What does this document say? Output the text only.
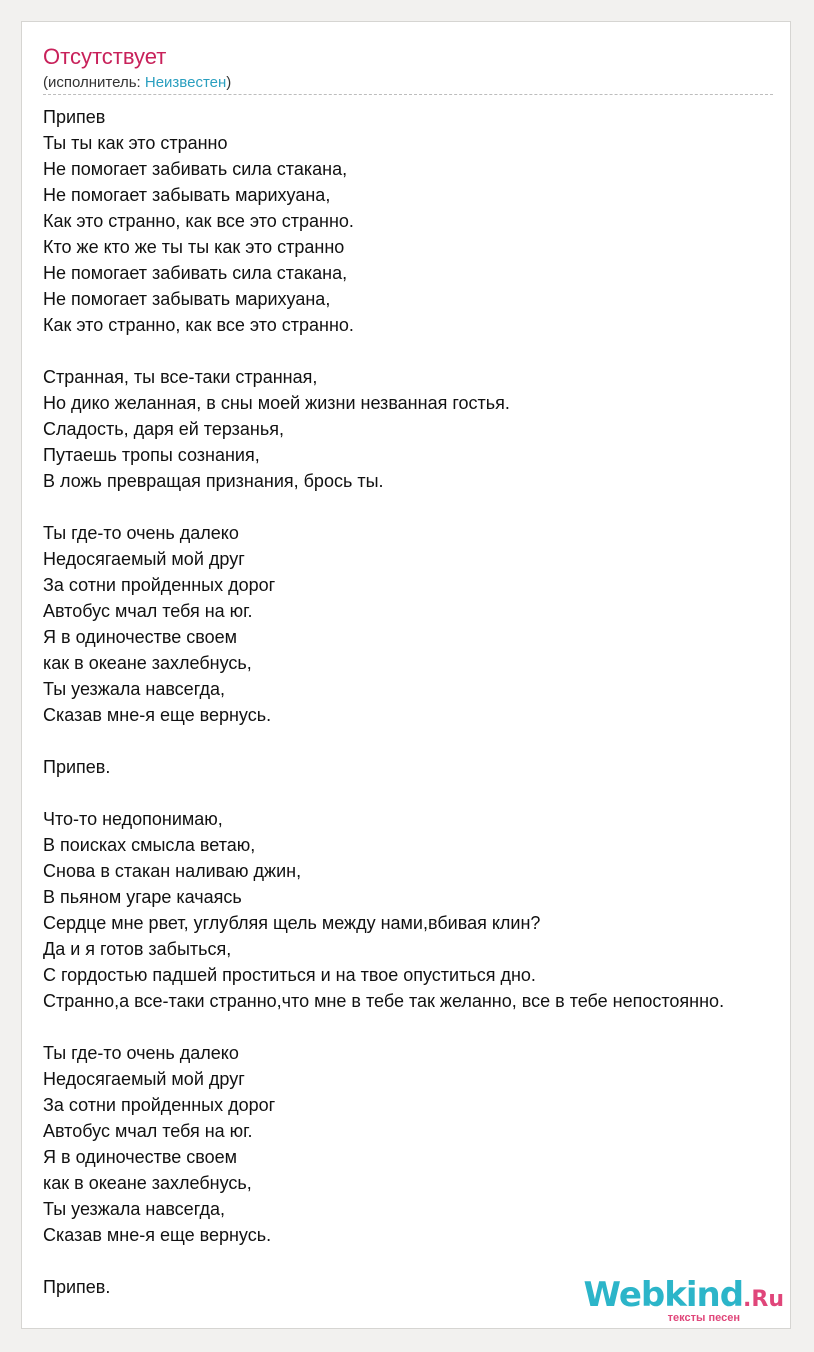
Отсутствует
(исполнитель: Неизвестен)
Припев
Ты ты как это странно
Не помогает забивать сила стакана,
Не помогает забывать марихуана,
Как это странно, как все это странно.
Кто же кто же ты ты как это странно
Не помогает забивать сила стакана,
Не помогает забывать марихуана,
Как это странно, как все это странно.
Странная, ты все-таки странная,
Но дико желанная, в сны моей жизни незванная гостья.
Сладость, даря ей терзанья,
Путаешь тропы сознания,
В ложь превращая признания, брось ты.
Ты где-то очень далеко
Недосягаемый мой друг
За сотни пройденных дорог
Автобус мчал тебя на юг.
Я в одиночестве своем
как в океане захлебнусь,
Ты уезжала навсегда,
Сказав мне-я еще вернусь.
Припев.
Что-то недопонимаю,
В поисках смысла ветаю,
Снова в стакан наливаю джин,
В пьяном угаре качаясь
Сердце мне рвет, углубляя щель между нами,вбивая клин?
Да и я готов забыться,
С гордостью падшей проститься и на твое опуститься дно.
Странно,а все-таки странно,что мне в тебе так желанно, все в тебе непостоянно.
Ты где-то очень далеко
Недосягаемый мой друг
За сотни пройденных дорог
Автобус мчал тебя на юг.
Я в одиночестве своем
как в океане захлебнусь,
Ты уезжала навсегда,
Сказав мне-я еще вернусь.
Припев.	Webkind.Ru
тексты песен
